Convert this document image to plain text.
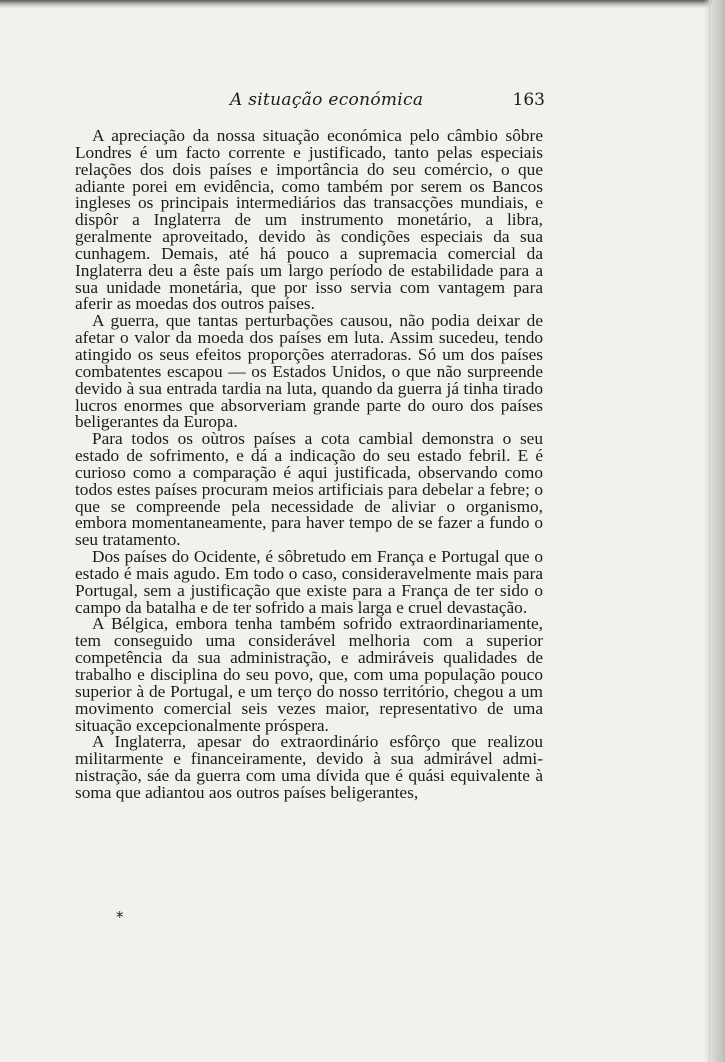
A situação económica	163

A apreciação da nossa situação económica pelo câmbio sôbre Londres é um facto corrente e justificado, tanto pelas especiais relações dos dois países e importância do seu comércio, o que adiante porei em evidência, como também por serem os Bancos ingleses os principais intermediários das transacções mundiais, e dispôr a Inglaterra de um instrumento monetário, a libra, geralmente aproveitado, devido às condições especiais da sua cunhagem. Demais, até há pouco a supremacia comercial da Inglaterra deu a êste país um largo período de estabilidade para a sua unidade monetária, que por isso servia com vantagem para aferir as moedas dos outros países.

A guerra, que tantas perturbações causou, não podia deixar de afetar o valor da moeda dos países em luta. Assim sucedeu, tendo atingido os seus efeitos proporções aterradoras. Só um dos países combatentes escapou — os Estados Unidos, o que não surpreende devido à sua entrada tardia na luta, quando da guerra já tinha tirado lucros enormes que absorveriam grande parte do ouro dos países beligerantes da Europa.

Para todos os oùtros países a cota cambial demonstra o seu estado de sofrimento, e dá a indicação do seu estado febril. E é curioso como a comparação é aqui justificada, observando como todos estes países procuram meios artificiais para debelar a febre; o que se compreende pela necessidade de aliviar o organismo, embora momentaneamente, para haver tempo de se fazer a fundo o seu tratamento.

Dos países do Ocidente, é sôbretudo em França e Portugal que o estado é mais agudo. Em todo o caso, consideravelmente mais para Portugal, sem a justificação que existe para a França de ter sido o campo da batalha e de ter sofrido a mais larga e cruel devastação.

A Bélgica, embora tenha também sofrido extraordinariamente, tem conseguido uma considerável melhoria com a superior competência da sua administração, e admiráveis qualidades de trabalho e disciplina do seu povo, que, com uma população pouco superior à de Portugal, e um terço do nosso território, chegou a um movimento comercial seis vezes maior, representativo de uma situação excepcionalmente próspera.

A Inglaterra, apesar do extraordinário esfôrço que realizou militarmente e financeiramente, devido à sua admirável administração, sáe da guerra com uma dívida que é quási equivalente à soma que adiantou aos outros países beligerantes,

*
